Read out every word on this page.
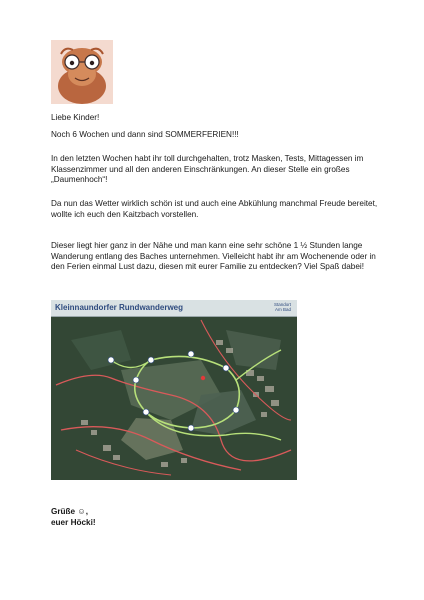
Liebe Kinder!
Noch 6 Wochen und dann sind SOMMERFERIEN!!!
In den letzten Wochen habt ihr toll durchgehalten, trotz Masken, Tests, Mittagessen im Klassenzimmer und all den anderen Einschränkungen. An dieser Stelle ein großes „Daumenhoch“!
Da nun das Wetter wirklich schön ist und auch eine Abkühlung manchmal Freude bereitet, wollte ich euch den Kaitzbach vorstellen.
Dieser liegt hier ganz in der Nähe und man kann eine sehr schöne 1 ½ Stunden lange Wanderung entlang des Baches unternehmen. Vielleicht habt ihr am Wochenende oder in den Ferien einmal Lust dazu, diesen mit eurer Familie zu entdecken? Viel Spaß dabei!
Kleinnaundorfer Rundwanderweg	Standort
Am Bad
Grüße ☺,
euer Höcki!
